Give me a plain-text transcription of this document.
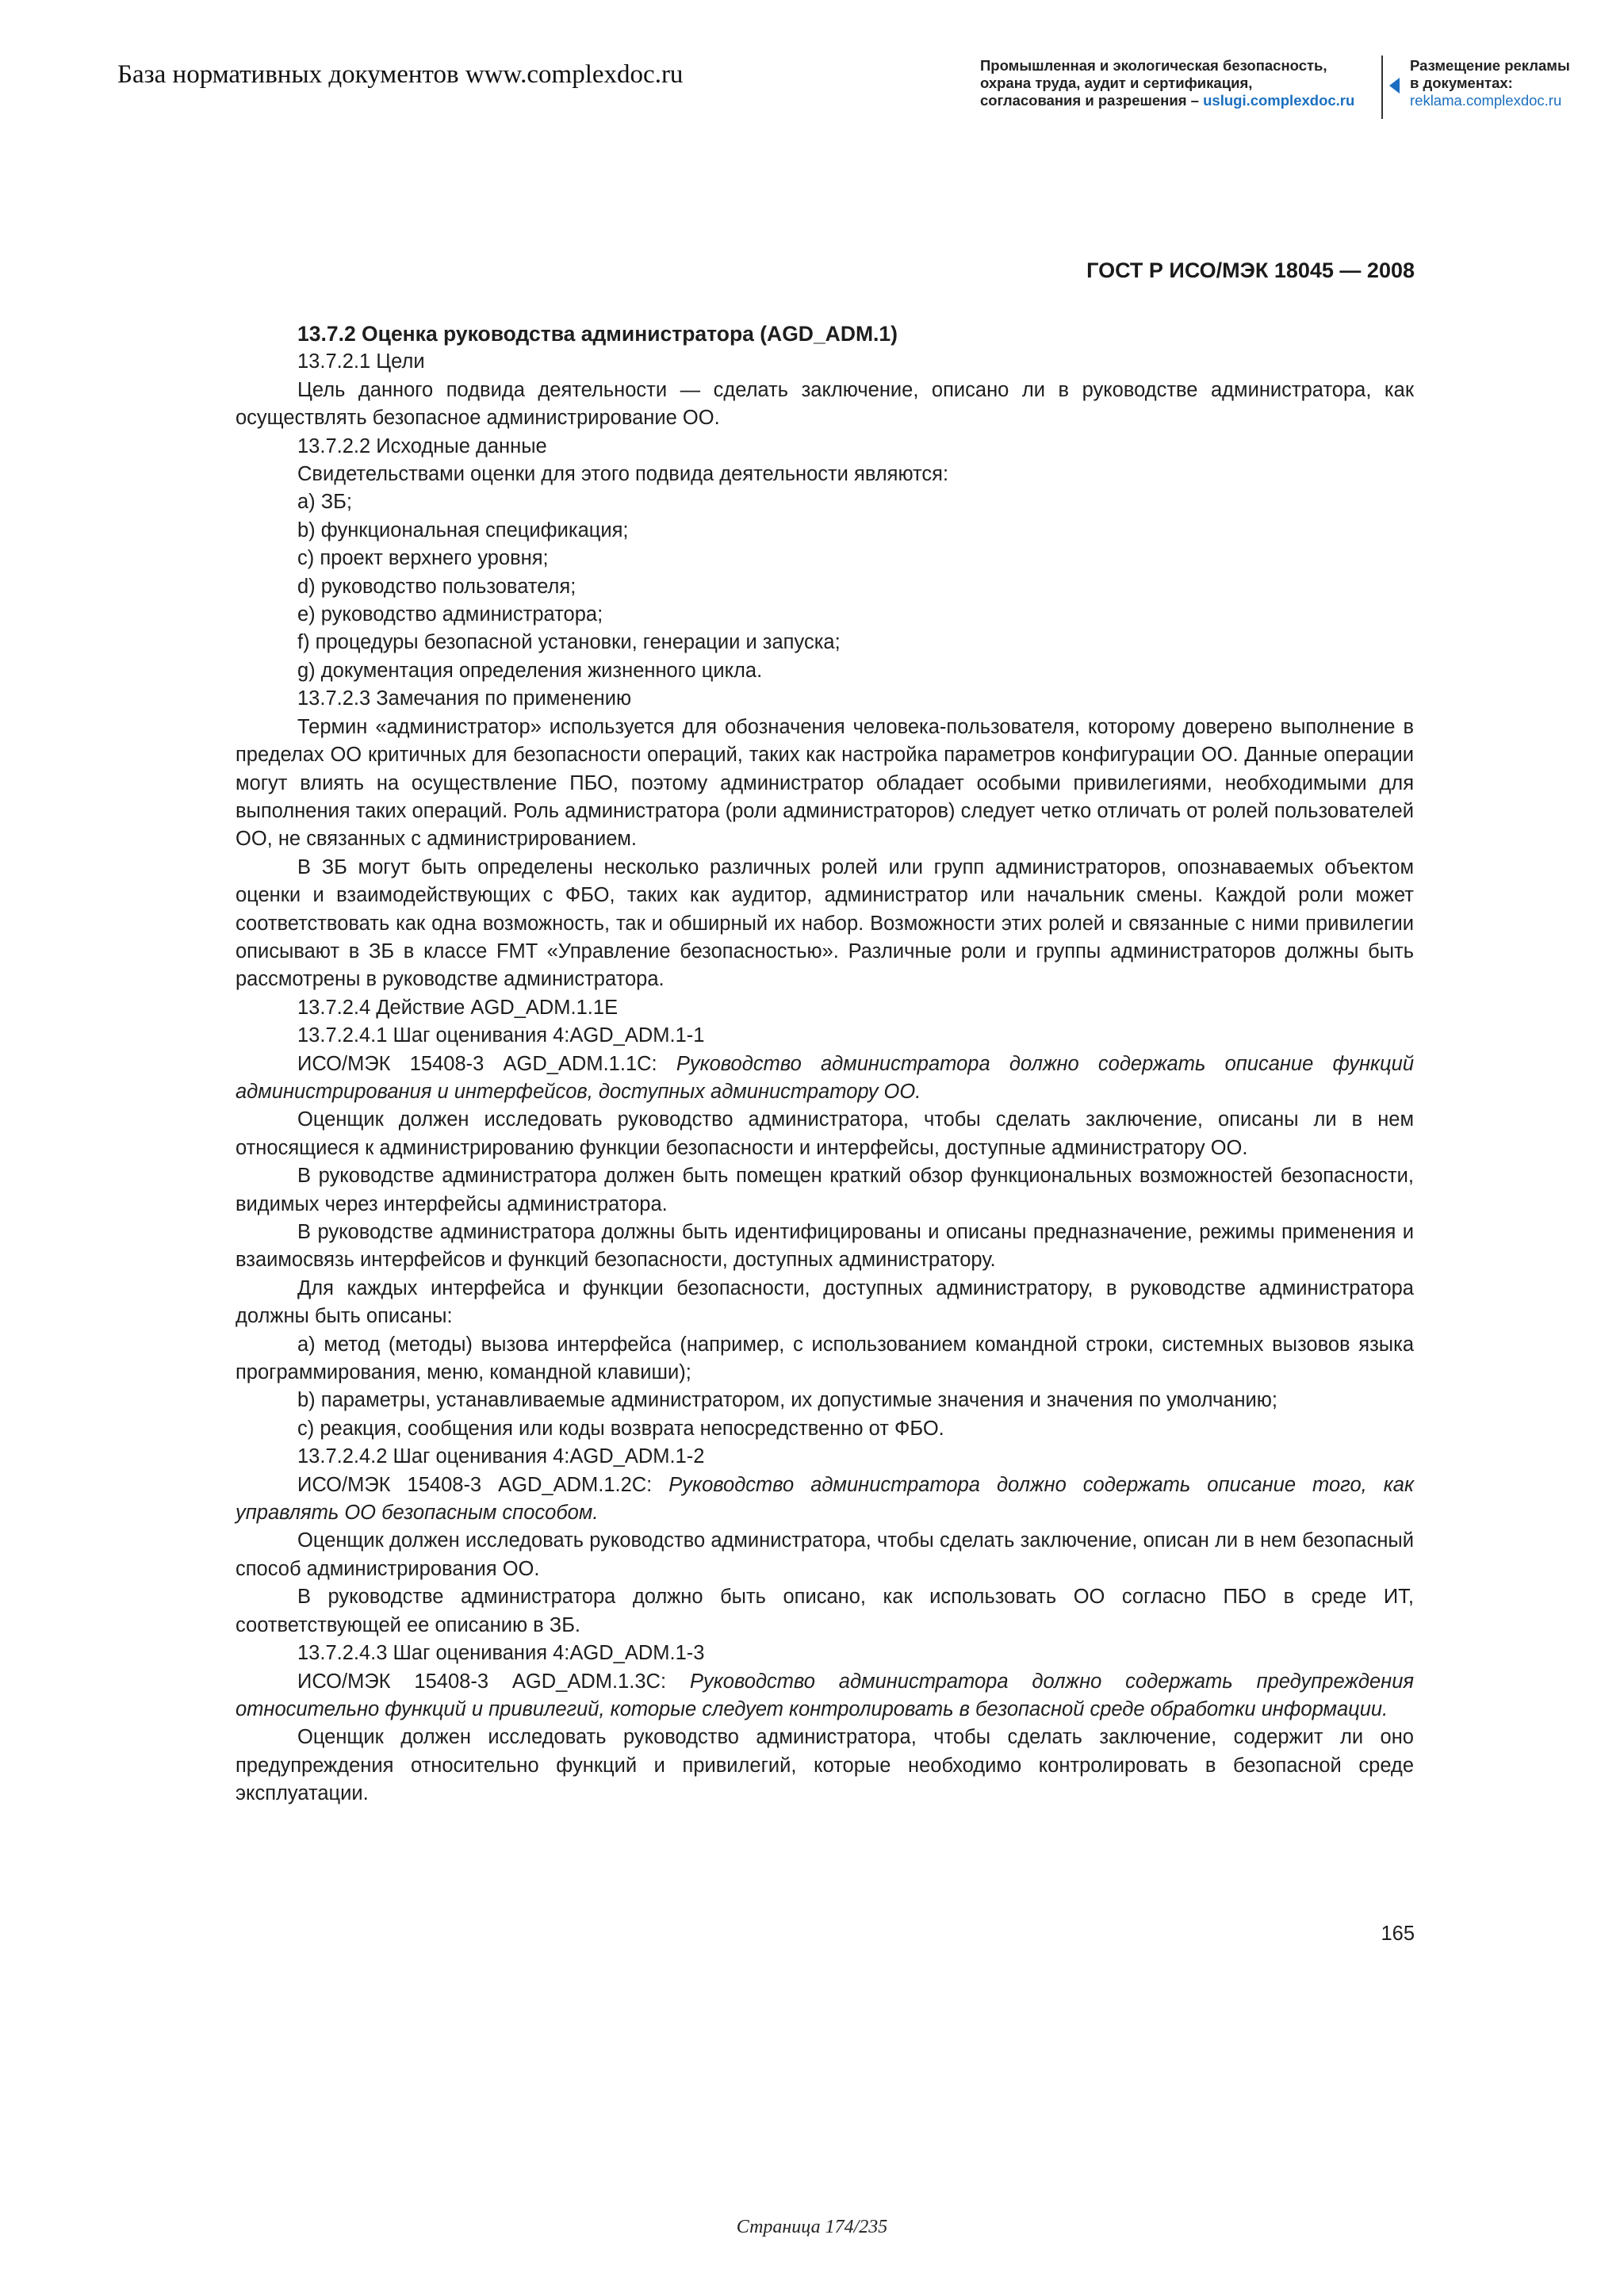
База нормативных документов www.complexdoc.ru	Промышленная и экологическая безопасность,
охрана труда, аудит и сертификация,
согласования и разрешения – uslugi.complexdoc.ru
Размещение рекламы
в документах:
reklama.complexdoc.ru
ГОСТ Р ИСО/МЭК 18045 — 2008

13.7.2 Оценка руководства администратора (AGD_ADM.1)

13.7.2.1 Цели

Цель данного подвида деятельности — сделать заключение, описано ли в руководстве администратора, как осуществлять безопасное администрирование ОО.

13.7.2.2 Исходные данные

Свидетельствами оценки для этого подвида деятельности являются:

a) ЗБ;

b) функциональная спецификация;

c) проект верхнего уровня;

d) руководство пользователя;

e) руководство администратора;

f) процедуры безопасной установки, генерации и запуска;

g) документация определения жизненного цикла.

13.7.2.3 Замечания по применению

Термин «администратор» используется для обозначения человека-пользователя, которому доверено выполнение в пределах ОО критичных для безопасности операций, таких как настройка параметров конфигурации ОО. Данные операции могут влиять на осуществление ПБО, поэтому администратор обладает особыми привилегиями, необходимыми для выполнения таких операций. Роль администратора (роли администраторов) следует четко отличать от ролей пользователей ОО, не связанных с администрированием.

В ЗБ могут быть определены несколько различных ролей или групп администраторов, опознаваемых объектом оценки и взаимодействующих с ФБО, таких как аудитор, администратор или начальник смены. Каждой роли может соответствовать как одна возможность, так и обширный их набор. Возможности этих ролей и связанные с ними привилегии описывают в ЗБ в классе FMT «Управление безопасностью». Различные роли и группы администраторов должны быть рассмотрены в руководстве администратора.

13.7.2.4 Действие AGD_ADM.1.1E

13.7.2.4.1 Шаг оценивания 4:AGD_ADM.1-1

ИСО/МЭК 15408-3 AGD_ADM.1.1C: Руководство администратора должно содержать описание функций администрирования и интерфейсов, доступных администратору ОО.

Оценщик должен исследовать руководство администратора, чтобы сделать заключение, описаны ли в нем относящиеся к администрированию функции безопасности и интерфейсы, доступные администратору ОО.

В руководстве администратора должен быть помещен краткий обзор функциональных возможностей безопасности, видимых через интерфейсы администратора.

В руководстве администратора должны быть идентифицированы и описаны предназначение, режимы применения и взаимосвязь интерфейсов и функций безопасности, доступных администратору.

Для каждых интерфейса и функции безопасности, доступных администратору, в руководстве администратора должны быть описаны:

a) метод (методы) вызова интерфейса (например, с использованием командной строки, системных вызовов языка программирования, меню, командной клавиши);

b) параметры, устанавливаемые администратором, их допустимые значения и значения по умолчанию;

c) реакция, сообщения или коды возврата непосредственно от ФБО.

13.7.2.4.2 Шаг оценивания 4:AGD_ADM.1-2

ИСО/МЭК 15408-3 AGD_ADM.1.2C: Руководство администратора должно содержать описание того, как управлять ОО безопасным способом.

Оценщик должен исследовать руководство администратора, чтобы сделать заключение, описан ли в нем безопасный способ администрирования ОО.

В руководстве администратора должно быть описано, как использовать ОО согласно ПБО в среде ИТ, соответствующей ее описанию в ЗБ.

13.7.2.4.3 Шаг оценивания 4:AGD_ADM.1-3

ИСО/МЭК 15408-3 AGD_ADM.1.3C: Руководство администратора должно содержать предупреждения относительно функций и привилегий, которые следует контролировать в безопасной среде обработки информации.

Оценщик должен исследовать руководство администратора, чтобы сделать заключение, содержит ли оно предупреждения относительно функций и привилегий, которые необходимо контролировать в безопасной среде эксплуатации.

165
Страница 174/235
